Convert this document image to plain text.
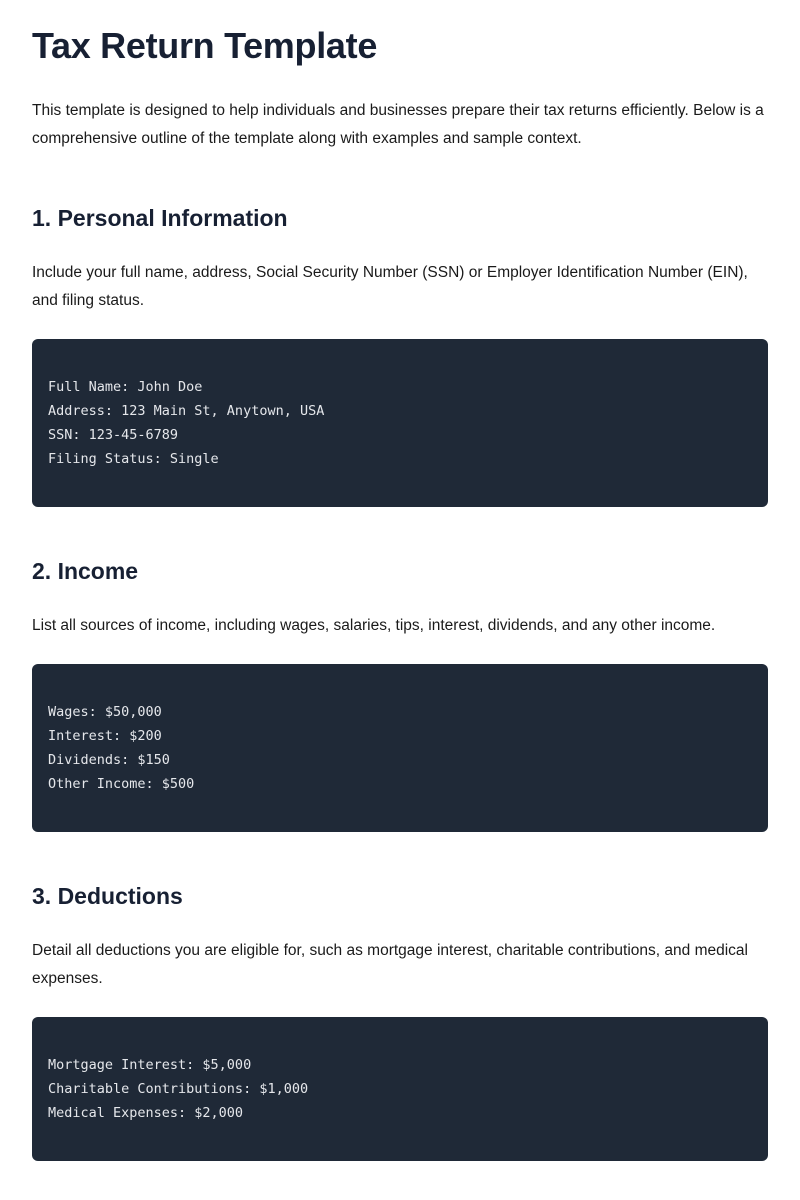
Tax Return Template

This template is designed to help individuals and businesses prepare their tax returns efficiently. Below is a comprehensive outline of the template along with examples and sample context.

1. Personal Information

Include your full name, address, Social Security Number (SSN) or Employer Identification Number (EIN), and filing status.

Full Name: John Doe
Address: 123 Main St, Anytown, USA
SSN: 123-45-6789
Filing Status: Single
2. Income

List all sources of income, including wages, salaries, tips, interest, dividends, and any other income.

Wages: $50,000
Interest: $200
Dividends: $150
Other Income: $500
3. Deductions

Detail all deductions you are eligible for, such as mortgage interest, charitable contributions, and medical expenses.

Mortgage Interest: $5,000
Charitable Contributions: $1,000
Medical Expenses: $2,000
